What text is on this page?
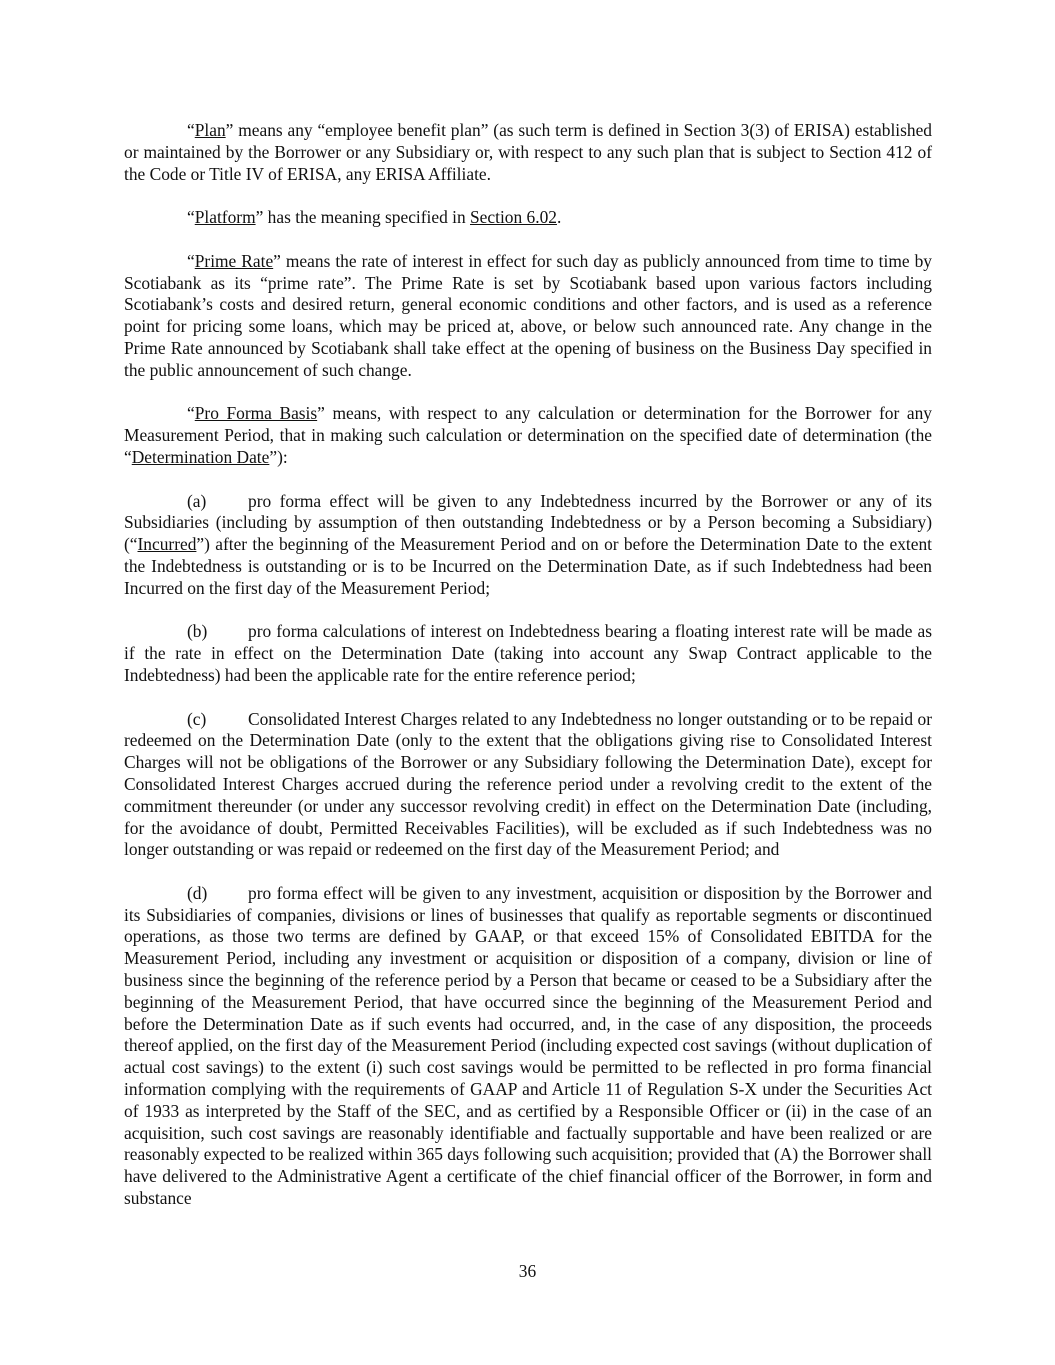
“Plan” means any “employee benefit plan” (as such term is defined in Section 3(3) of ERISA) established or maintained by the Borrower or any Subsidiary or, with respect to any such plan that is subject to Section 412 of the Code or Title IV of ERISA, any ERISA Affiliate.

“Platform” has the meaning specified in Section 6.02.

“Prime Rate” means the rate of interest in effect for such day as publicly announced from time to time by Scotiabank as its “prime rate”. The Prime Rate is set by Scotiabank based upon various factors including Scotiabank’s costs and desired return, general economic conditions and other factors, and is used as a reference point for pricing some loans, which may be priced at, above, or below such announced rate. Any change in the Prime Rate announced by Scotiabank shall take effect at the opening of business on the Business Day specified in the public announcement of such change.

“Pro Forma Basis” means, with respect to any calculation or determination for the Borrower for any Measurement Period, that in making such calculation or determination on the specified date of determination (the “Determination Date”):

(a) pro forma effect will be given to any Indebtedness incurred by the Borrower or any of its Subsidiaries (including by assumption of then outstanding Indebtedness or by a Person becoming a Subsidiary) (“Incurred”) after the beginning of the Measurement Period and on or before the Determination Date to the extent the Indebtedness is outstanding or is to be Incurred on the Determination Date, as if such Indebtedness had been Incurred on the first day of the Measurement Period;

(b) pro forma calculations of interest on Indebtedness bearing a floating interest rate will be made as if the rate in effect on the Determination Date (taking into account any Swap Contract applicable to the Indebtedness) had been the applicable rate for the entire reference period;

(c) Consolidated Interest Charges related to any Indebtedness no longer outstanding or to be repaid or redeemed on the Determination Date (only to the extent that the obligations giving rise to Consolidated Interest Charges will not be obligations of the Borrower or any Subsidiary following the Determination Date), except for Consolidated Interest Charges accrued during the reference period under a revolving credit to the extent of the commitment thereunder (or under any successor revolving credit) in effect on the Determination Date (including, for the avoidance of doubt, Permitted Receivables Facilities), will be excluded as if such Indebtedness was no longer outstanding or was repaid or redeemed on the first day of the Measurement Period; and

(d) pro forma effect will be given to any investment, acquisition or disposition by the Borrower and its Subsidiaries of companies, divisions or lines of businesses that qualify as reportable segments or discontinued operations, as those two terms are defined by GAAP, or that exceed 15% of Consolidated EBITDA for the Measurement Period, including any investment or acquisition or disposition of a company, division or line of business since the beginning of the reference period by a Person that became or ceased to be a Subsidiary after the beginning of the Measurement Period, that have occurred since the beginning of the Measurement Period and before the Determination Date as if such events had occurred, and, in the case of any disposition, the proceeds thereof applied, on the first day of the Measurement Period (including expected cost savings (without duplication of actual cost savings) to the extent (i) such cost savings would be permitted to be reflected in pro forma financial information complying with the requirements of GAAP and Article 11 of Regulation S-X under the Securities Act of 1933 as interpreted by the Staff of the SEC, and as certified by a Responsible Officer or (ii) in the case of an acquisition, such cost savings are reasonably identifiable and factually supportable and have been realized or are reasonably expected to be realized within 365 days following such acquisition; provided that (A) the Borrower shall have delivered to the Administrative Agent a certificate of the chief financial officer of the Borrower, in form and substance

36
